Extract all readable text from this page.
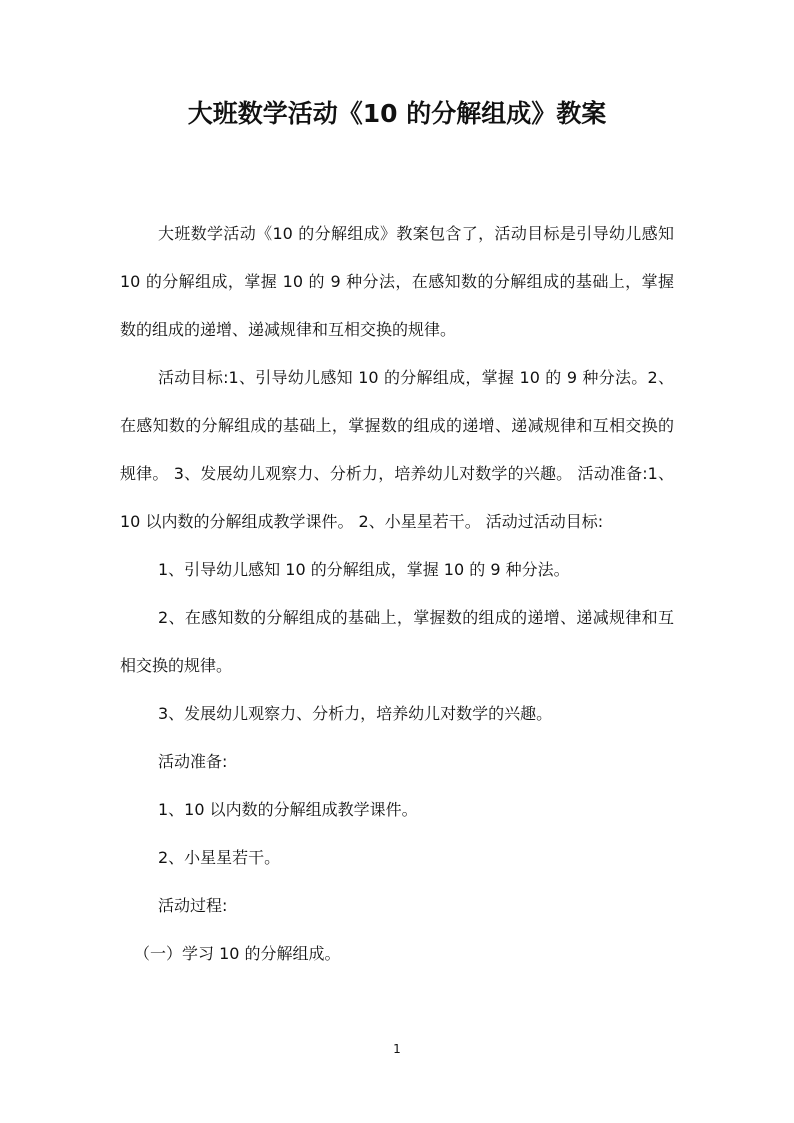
大班数学活动《10 的分解组成》教案

大班数学活动《10 的分解组成》教案包含了，活动目标是引导幼儿感知 10 的分解组成，掌握 10 的 9 种分法，在感知数的分解组成的基础上，掌握数的组成的递增、递减规律和互相交换的规律。

活动目标:1、引导幼儿感知 10 的分解组成，掌握 10 的 9 种分法。2、在感知数的分解组成的基础上，掌握数的组成的递增、递减规律和互相交换的规律。 3、发展幼儿观察力、分析力，培养幼儿对数学的兴趣。 活动准备:1、10 以内数的分解组成教学课件。 2、小星星若干。 活动过活动目标:

1、引导幼儿感知 10 的分解组成，掌握 10 的 9 种分法。

2、在感知数的分解组成的基础上，掌握数的组成的递增、递减规律和互相交换的规律。

3、发展幼儿观察力、分析力，培养幼儿对数学的兴趣。

活动准备:

1、10 以内数的分解组成教学课件。

2、小星星若干。

活动过程:

（一）学习 10 的分解组成。

1
